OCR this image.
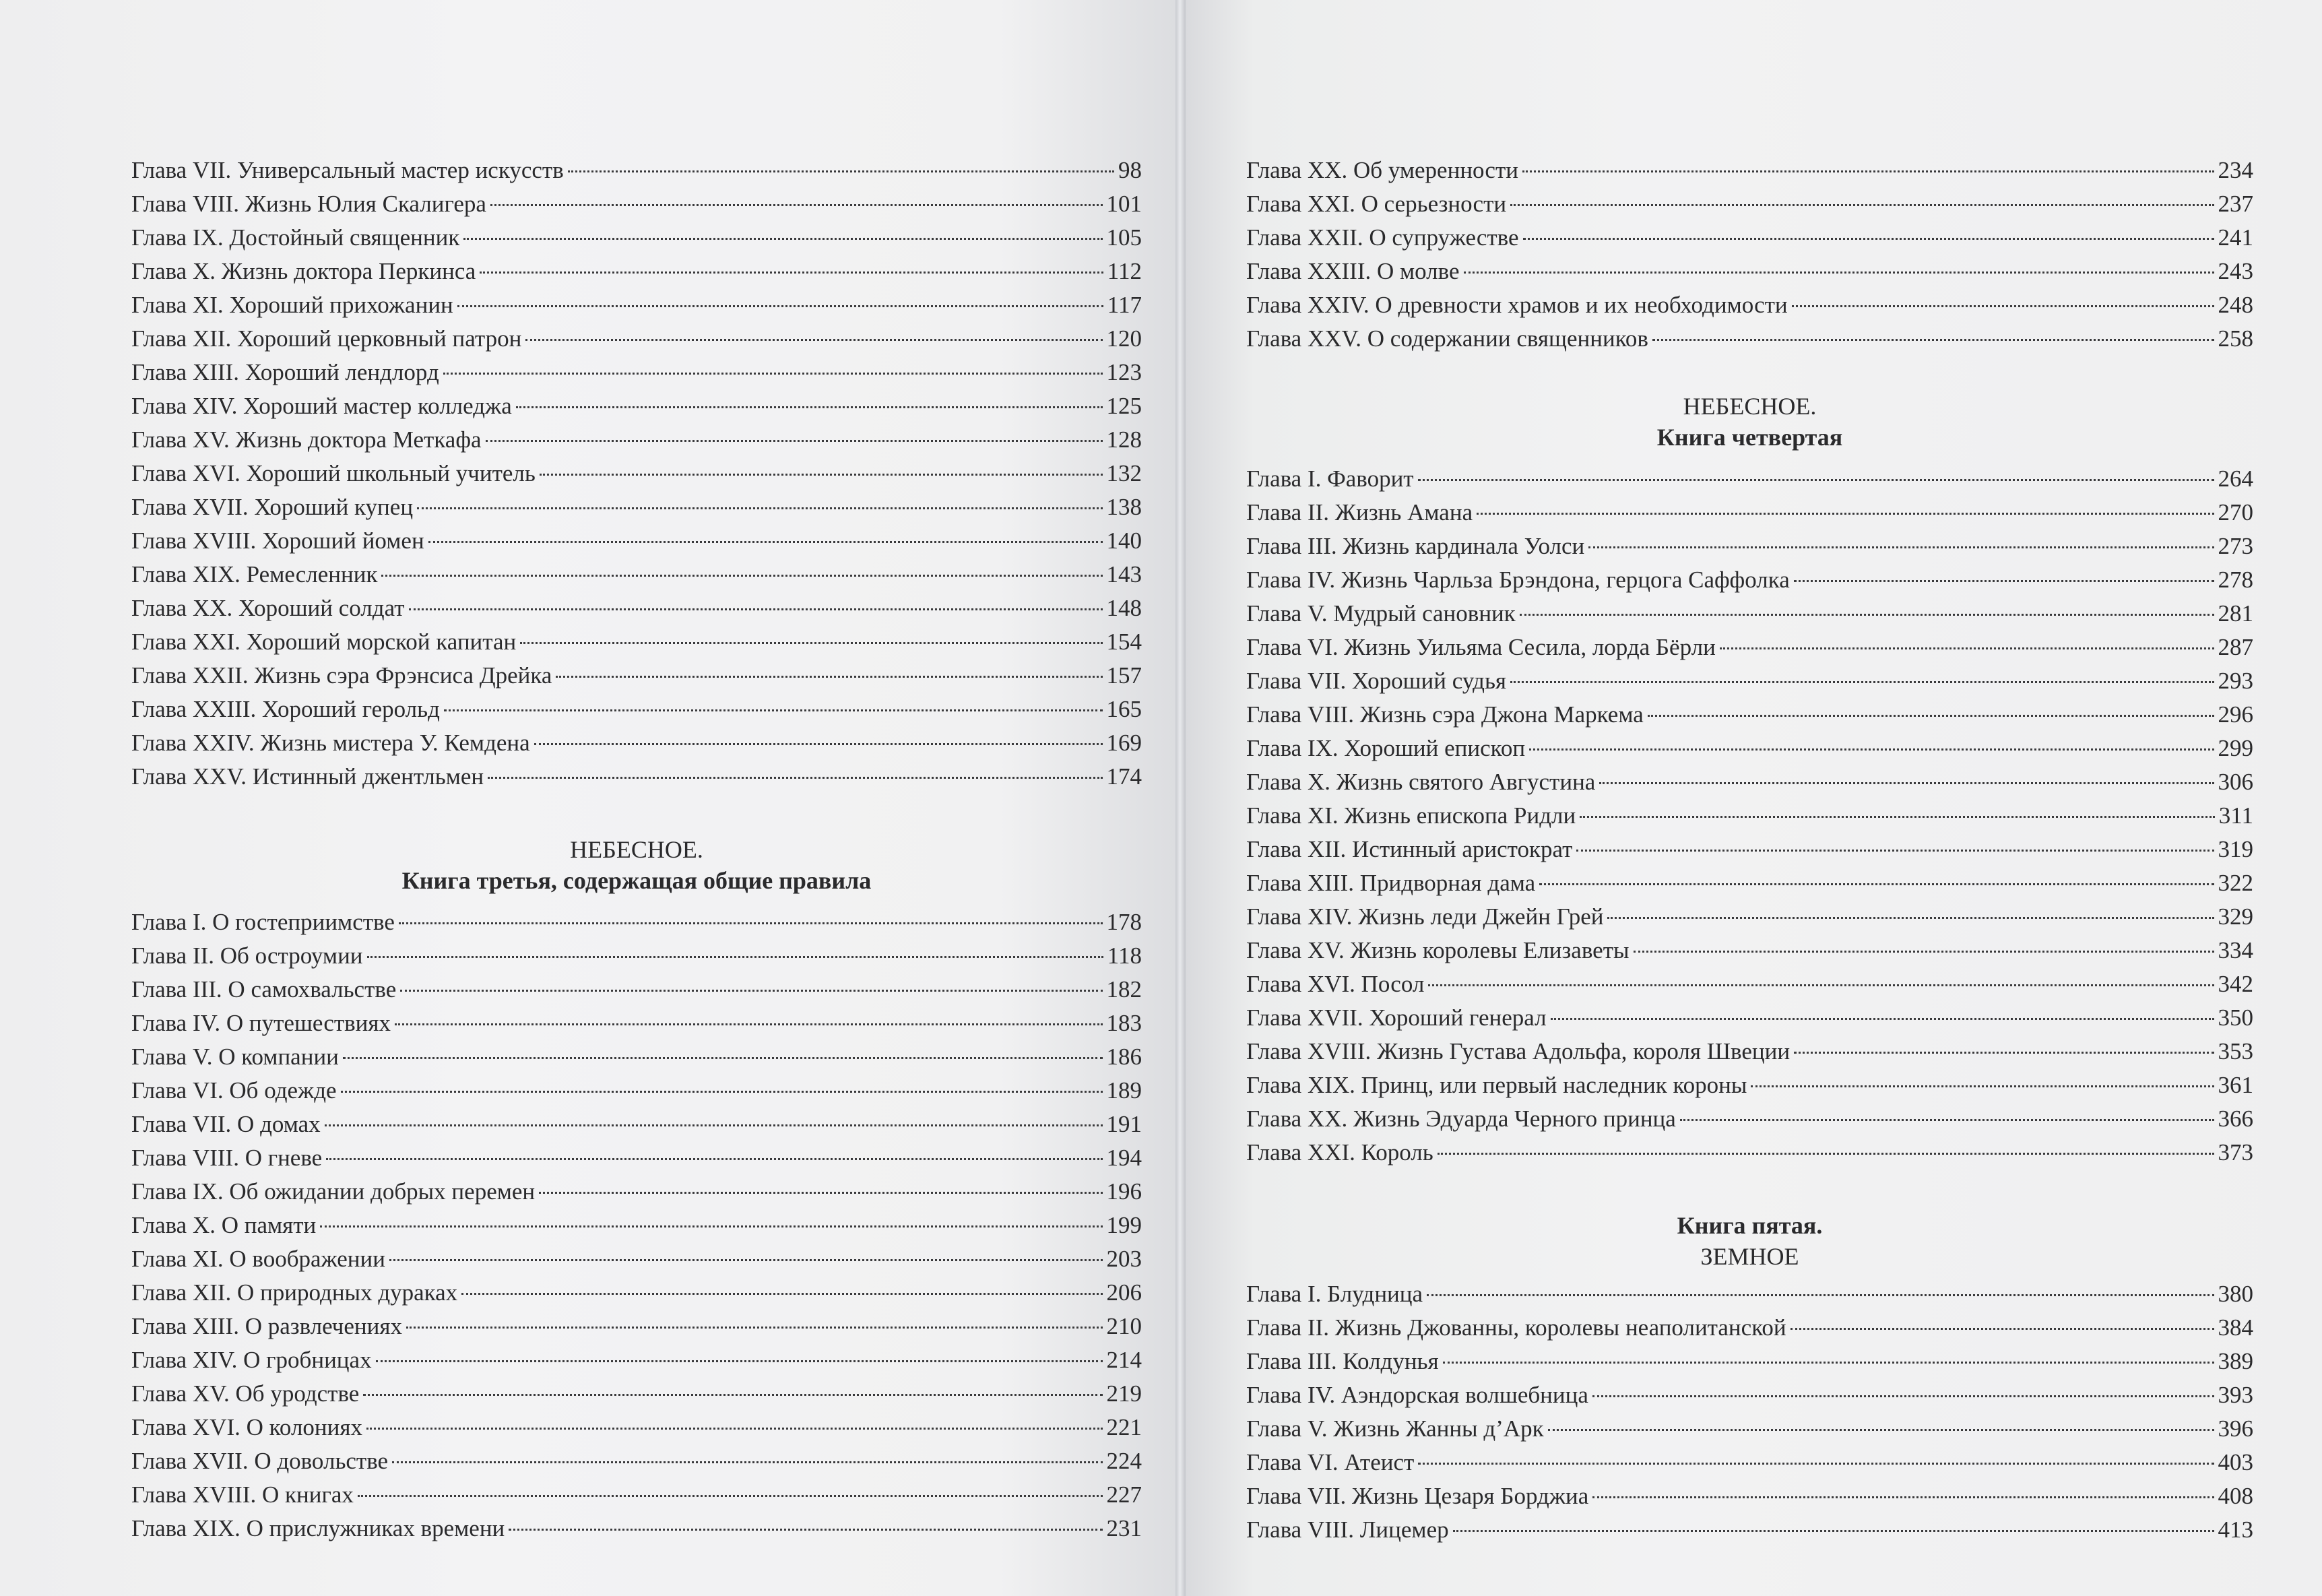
Глава VII. Универсальный мастер искусств	98
Глава VIII. Жизнь Юлия Скалигера	101
Глава IX. Достойный священник	105
Глава X. Жизнь доктора Перкинса	112
Глава XI. Хороший прихожанин	117
Глава XII. Хороший церковный патрон	120
Глава XIII. Хороший лендлорд	123
Глава XIV. Хороший мастер колледжа	125
Глава XV. Жизнь доктора Меткафа	128
Глава XVI. Хороший школьный учитель	132
Глава XVII. Хороший купец	138
Глава XVIII. Хороший йомен	140
Глава XIX. Ремесленник	143
Глава XX. Хороший солдат	148
Глава XXI. Хороший морской капитан	154
Глава XXII. Жизнь сэра Фрэнсиса Дрейка	157
Глава XXIII. Хороший герольд	165
Глава XXIV. Жизнь мистера У. Кемдена	169
Глава XXV. Истинный джентльмен	174

НЕБЕСНОЕ.

Книга третья, содержащая общие правила

Глава I. О гостеприимстве	178
Глава II. Об остроумии	118
Глава III. О самохвальстве	182
Глава IV. О путешествиях	183
Глава V. О компании	186
Глава VI. Об одежде	189
Глава VII. О домах	191
Глава VIII. О гневе	194
Глава IX. Об ожидании добрых перемен	196
Глава X. О памяти	199
Глава XI. О воображении	203
Глава XII. О природных дураках	206
Глава XIII. О развлечениях	210
Глава XIV. О гробницах	214
Глава XV. Об уродстве	219
Глава XVI. О колониях	221
Глава XVII. О довольстве	224
Глава XVIII. О книгах	227
Глава XIX. О прислужниках времени	231
Глава XX. Об умеренности	234
Глава XXI. О серьезности	237
Глава XXII. О супружестве	241
Глава XXIII. О молве	243
Глава XXIV. О древности храмов и их необходимости	248
Глава XXV. О содержании священников	258

НЕБЕСНОЕ.

Книга четвертая

Глава I. Фаворит	264
Глава II. Жизнь Амана	270
Глава III. Жизнь кардинала Уолси	273
Глава IV. Жизнь Чарльза Брэндона, герцога Саффолка	278
Глава V. Мудрый сановник	281
Глава VI. Жизнь Уильяма Сесила, лорда Бёрли	287
Глава VII. Хороший судья	293
Глава VIII. Жизнь сэра Джона Маркема	296
Глава IX. Хороший епископ	299
Глава X. Жизнь святого Августина	306
Глава XI. Жизнь епископа Ридли	311
Глава XII. Истинный аристократ	319
Глава XIII. Придворная дама	322
Глава XIV. Жизнь леди Джейн Грей	329
Глава XV. Жизнь королевы Елизаветы	334
Глава XVI. Посол	342
Глава XVII. Хороший генерал	350
Глава XVIII. Жизнь Густава Адольфа, короля Швеции	353
Глава XIX. Принц, или первый наследник короны	361
Глава XX. Жизнь Эдуарда Черного принца	366
Глава XXI. Король	373

Книга пятая.

ЗЕМНОЕ

Глава I. Блудница	380
Глава II. Жизнь Джованны, королевы неаполитанской	384
Глава III. Колдунья	389
Глава IV. Аэндорская волшебница	393
Глава V. Жизнь Жанны д’Арк	396
Глава VI. Атеист	403
Глава VII. Жизнь Цезаря Борджиа	408
Глава VIII. Лицемер	413
